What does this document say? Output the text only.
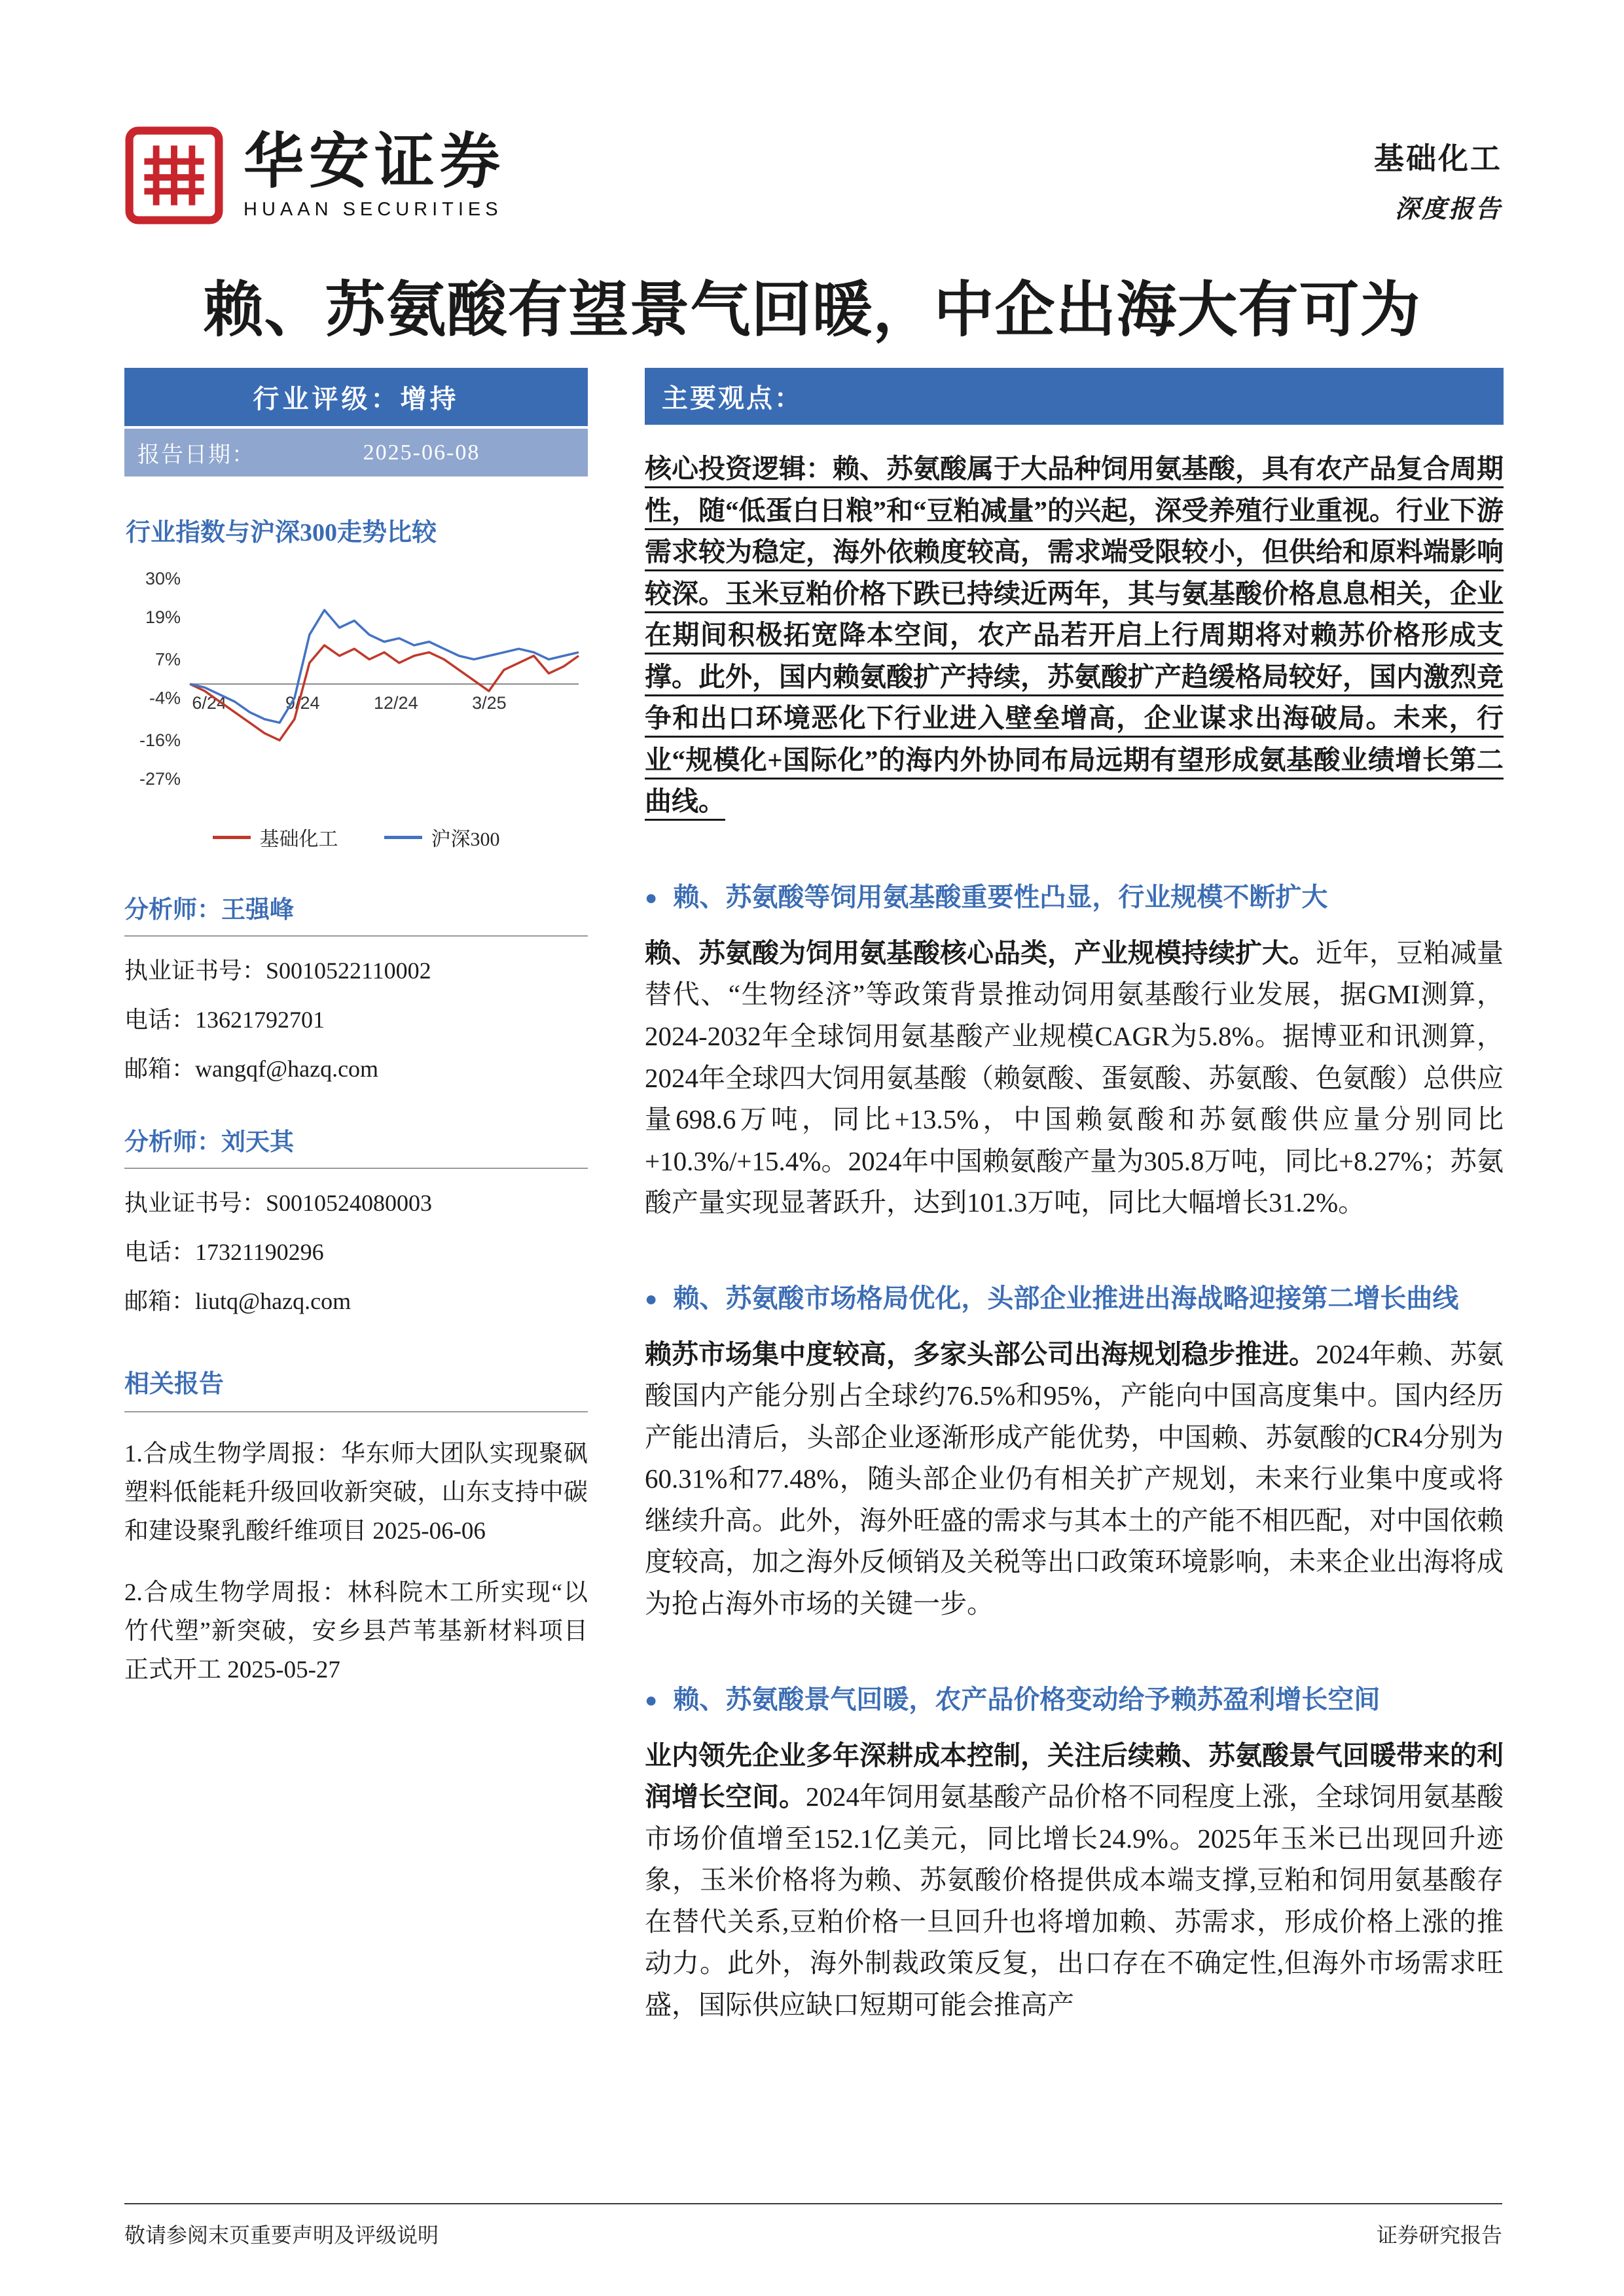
华安证券
HUAAN SECURITIES
基础化工
深度报告
赖、苏氨酸有望景气回暖，中企出海大有可为
行业评级：增持
报告日期：	2025-06-08
行业指数与沪深300走势比较
30%
19%
7%
-4%
-16%
-27%
6/24	9/24	12/24	3/25
基础化工	沪深300
分析师：王强峰
执业证书号：S0010522110002
电话：13621792701
邮箱：wangqf@hazq.com
分析师：刘天其
执业证书号：S0010524080003
电话：17321190296
邮箱：liutq@hazq.com
相关报告
1.合成生物学周报：华东师大团队实现聚砜塑料低能耗升级回收新突破，山东支持中碳和建设聚乳酸纤维项目 2025-06-06
2.合成生物学周报：林科院木工所实现“以竹代塑”新突破，安乡县芦苇基新材料项目正式开工 2025-05-27
主要观点：
核心投资逻辑：赖、苏氨酸属于大品种饲用氨基酸，具有农产品复合周期性，随“低蛋白日粮”和“豆粕减量”的兴起，深受养殖行业重视。行业下游需求较为稳定，海外依赖度较高，需求端受限较小，但供给和原料端影响较深。玉米豆粕价格下跌已持续近两年，其与氨基酸价格息息相关，企业在期间积极拓宽降本空间，农产品若开启上行周期将对赖苏价格形成支撑。此外，国内赖氨酸扩产持续，苏氨酸扩产趋缓格局较好，国内激烈竞争和出口环境恶化下行业进入壁垒增高，企业谋求出海破局。未来，行业“规模化+国际化”的海内外协同布局远期有望形成氨基酸业绩增长第二曲线。
● 赖、苏氨酸等饲用氨基酸重要性凸显，行业规模不断扩大
赖、苏氨酸为饲用氨基酸核心品类，产业规模持续扩大。近年，豆粕减量替代、“生物经济”等政策背景推动饲用氨基酸行业发展，据GMI测算，2024-2032年全球饲用氨基酸产业规模CAGR为5.8%。据博亚和讯测算，2024年全球四大饲用氨基酸（赖氨酸、蛋氨酸、苏氨酸、色氨酸）总供应量698.6万吨，同比+13.5%，中国赖氨酸和苏氨酸供应量分别同比+10.3%/+15.4%。2024年中国赖氨酸产量为305.8万吨，同比+8.27%；苏氨酸产量实现显著跃升，达到101.3万吨，同比大幅增长31.2%。
● 赖、苏氨酸市场格局优化，头部企业推进出海战略迎接第二增长曲线
赖苏市场集中度较高，多家头部公司出海规划稳步推进。2024年赖、苏氨酸国内产能分别占全球约76.5%和95%，产能向中国高度集中。国内经历产能出清后，头部企业逐渐形成产能优势，中国赖、苏氨酸的CR4分别为60.31%和77.48%，随头部企业仍有相关扩产规划，未来行业集中度或将继续升高。此外，海外旺盛的需求与其本土的产能不相匹配，对中国依赖度较高，加之海外反倾销及关税等出口政策环境影响，未来企业出海将成为抢占海外市场的关键一步。
● 赖、苏氨酸景气回暖，农产品价格变动给予赖苏盈利增长空间
业内领先企业多年深耕成本控制，关注后续赖、苏氨酸景气回暖带来的利润增长空间。2024年饲用氨基酸产品价格不同程度上涨，全球饲用氨基酸市场价值增至152.1亿美元，同比增长24.9%。2025年玉米已出现回升迹象，玉米价格将为赖、苏氨酸价格提供成本端支撑,豆粕和饲用氨基酸存在替代关系,豆粕价格一旦回升也将增加赖、苏需求，形成价格上涨的推动力。此外，海外制裁政策反复，出口存在不确定性,但海外市场需求旺盛，国际供应缺口短期可能会推高产
敬请参阅末页重要声明及评级说明	证券研究报告
